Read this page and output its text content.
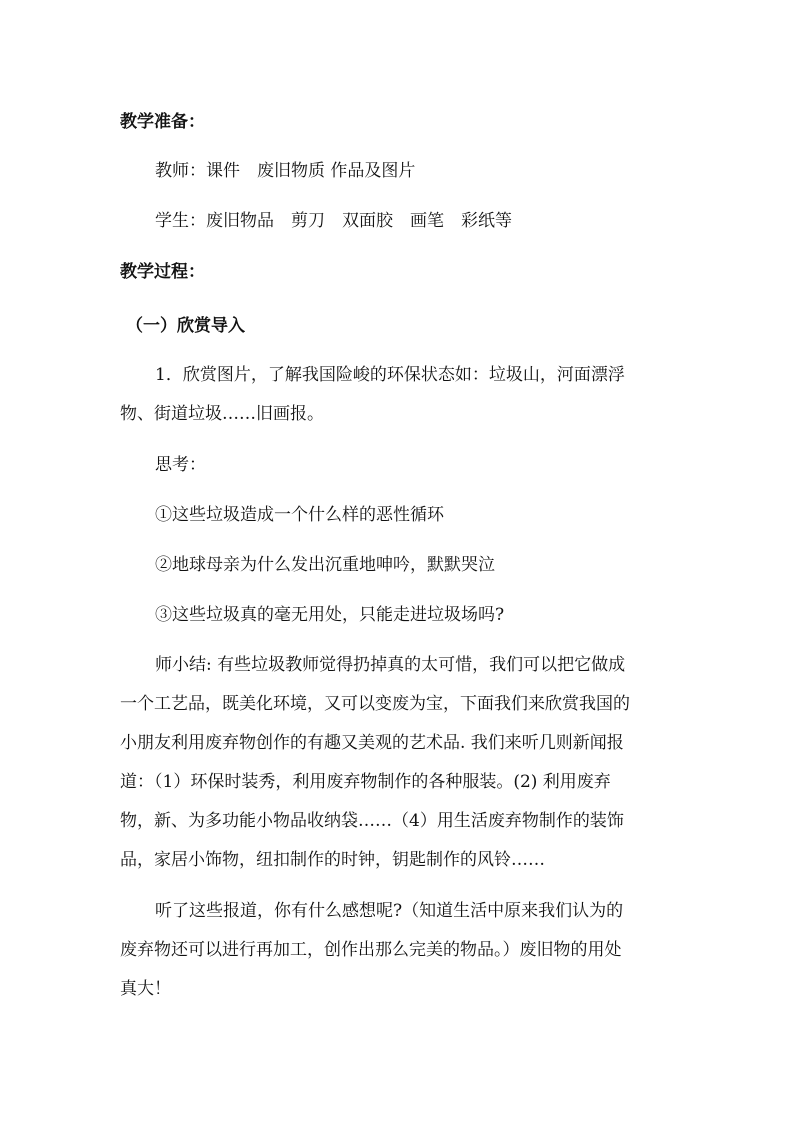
教学准备：
教师：课件　废旧物质 作品及图片
学生：废旧物品　剪刀　双面胶　画笔　彩纸等
教学过程：
（一）欣赏导入
1．欣赏图片，了解我国险峻的环保状态如：垃圾山，河面漂浮
物、街道垃圾……旧画报。
思考：
①这些垃圾造成一个什么样的恶性循环
②地球母亲为什么发出沉重地呻吟，默默哭泣
③这些垃圾真的毫无用处，只能走进垃圾场吗?
师小结: 有些垃圾教师觉得扔掉真的太可惜，我们可以把它做成
一个工艺品，既美化环境，又可以变废为宝，下面我们来欣赏我国的
小朋友利用废弃物创作的有趣又美观的艺术品. 我们来听几则新闻报
道：（1）环保时装秀，利用废弃物制作的各种服装。(2) 利用废弃
物，新、为多功能小物品收纳袋……（4）用生活废弃物制作的装饰
品，家居小饰物，纽扣制作的时钟，钥匙制作的风铃……
听了这些报道，你有什么感想呢?（知道生活中原来我们认为的
废弃物还可以进行再加工，创作出那么完美的物品。）废旧物的用处
真大！
